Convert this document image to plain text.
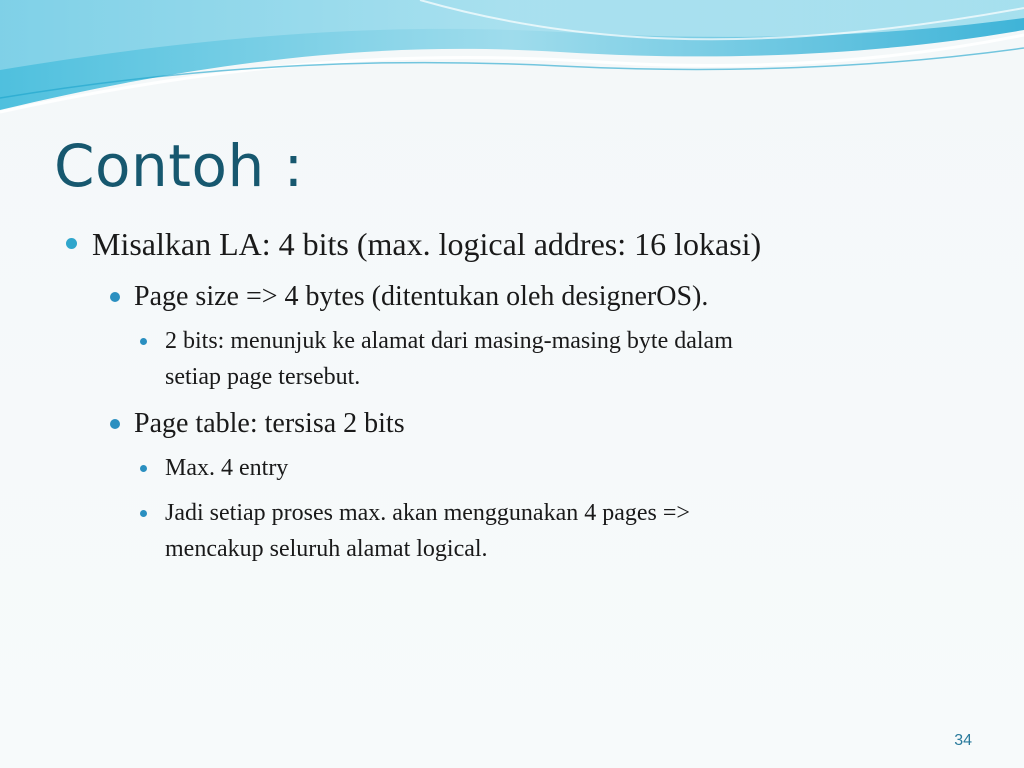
Contoh :
Misalkan LA: 4 bits (max. logical addres: 16 lokasi)
Page size => 4 bytes (ditentukan oleh designerOS).
2 bits: menunjuk ke alamat dari masing-masing byte dalam
setiap page tersebut.
Page table: tersisa 2 bits
Max. 4 entry
Jadi setiap proses max. akan menggunakan 4 pages =>
mencakup seluruh alamat logical.
34
